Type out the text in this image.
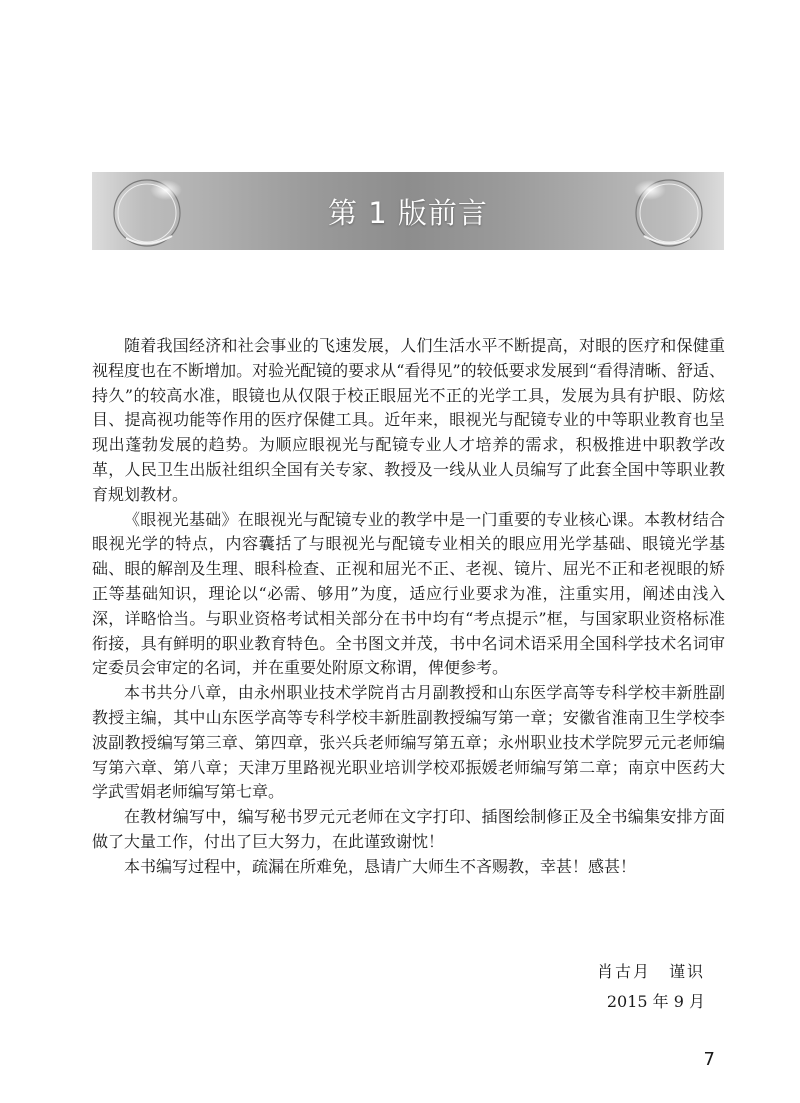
第 1 版前言

随着我国经济和社会事业的飞速发展，人们生活水平不断提高，对眼的医疗和保健重视程度也在不断增加。对验光配镜的要求从“看得见”的较低要求发展到“看得清晰、舒适、持久”的较高水准，眼镜也从仅限于校正眼屈光不正的光学工具，发展为具有护眼、防炫目、提高视功能等作用的医疗保健工具。近年来，眼视光与配镜专业的中等职业教育也呈现出蓬勃发展的趋势。为顺应眼视光与配镜专业人才培养的需求，积极推进中职教学改革，人民卫生出版社组织全国有关专家、教授及一线从业人员编写了此套全国中等职业教育规划教材。

《眼视光基础》在眼视光与配镜专业的教学中是一门重要的专业核心课。本教材结合眼视光学的特点，内容囊括了与眼视光与配镜专业相关的眼应用光学基础、眼镜光学基础、眼的解剖及生理、眼科检查、正视和屈光不正、老视、镜片、屈光不正和老视眼的矫正等基础知识，理论以“必需、够用”为度，适应行业要求为准，注重实用，阐述由浅入深，详略恰当。与职业资格考试相关部分在书中均有“考点提示”框，与国家职业资格标准衔接，具有鲜明的职业教育特色。全书图文并茂，书中名词术语采用全国科学技术名词审定委员会审定的名词，并在重要处附原文称谓，俾便参考。

本书共分八章，由永州职业技术学院肖古月副教授和山东医学高等专科学校丰新胜副教授主编，其中山东医学高等专科学校丰新胜副教授编写第一章；安徽省淮南卫生学校李波副教授编写第三章、第四章，张兴兵老师编写第五章；永州职业技术学院罗元元老师编写第六章、第八章；天津万里路视光职业培训学校邓振媛老师编写第二章；南京中医药大学武雪娟老师编写第七章。

在教材编写中，编写秘书罗元元老师在文字打印、插图绘制修正及全书编集安排方面做了大量工作，付出了巨大努力，在此谨致谢忱！

本书编写过程中，疏漏在所难免，恳请广大师生不吝赐教，幸甚！感甚！

肖古月　谨识
2015 年 9 月
7
